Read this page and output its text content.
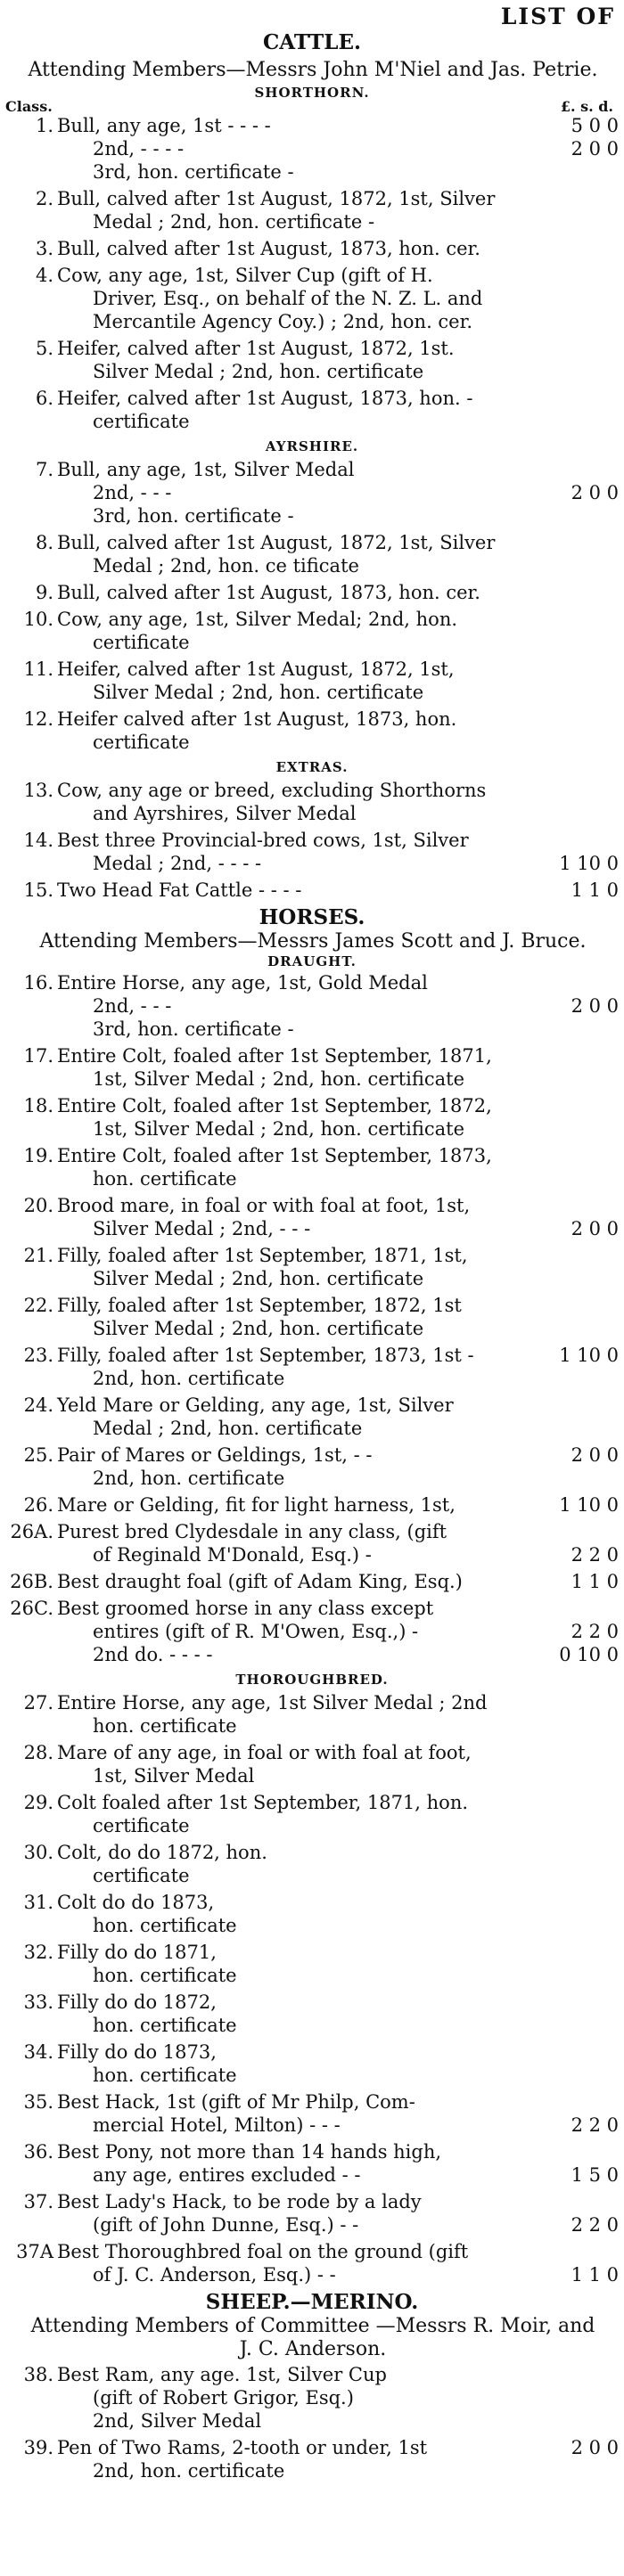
LIST OF
CATTLE.
Attending Members—Messrs John M'Niel and Jas. Petrie.
SHORTHORN.
Class.	£. s. d.
1. Bull, any age, 1st - - - -	5 0 0
2nd, - - - -	2 0 0
3rd, hon. certificate -
2. Bull, calved after 1st August, 1872, 1st, Silver
Medal ; 2nd, hon. certificate -
3. Bull, calved after 1st August, 1873, hon. cer.
4. Cow, any age, 1st, Silver Cup (gift of H.
Driver, Esq., on behalf of the N. Z. L. and
Mercantile Agency Coy.) ; 2nd, hon. cer.
5. Heifer, calved after 1st August, 1872, 1st.
Silver Medal ; 2nd, hon. certificate
6. Heifer, calved after 1st August, 1873, hon. -
certificate
AYRSHIRE.
7. Bull, any age, 1st, Silver Medal
2nd, - - -	2 0 0
3rd, hon. certificate -
8. Bull, calved after 1st August, 1872, 1st, Silver
Medal ; 2nd, hon. ce tificate
9. Bull, calved after 1st August, 1873, hon. cer.
10. Cow, any age, 1st, Silver Medal; 2nd, hon.
certificate
11. Heifer, calved after 1st August, 1872, 1st,
Silver Medal ; 2nd, hon. certificate
12. Heifer calved after 1st August, 1873, hon.
certificate
EXTRAS.
13. Cow, any age or breed, excluding Shorthorns
and Ayrshires, Silver Medal
14. Best three Provincial-bred cows, 1st, Silver
Medal ; 2nd, - - - -	1 10 0
15. Two Head Fat Cattle - - - -	1 1 0
HORSES.
Attending Members—Messrs James Scott and J. Bruce.
DRAUGHT.
16. Entire Horse, any age, 1st, Gold Medal
2nd, - - -	2 0 0
3rd, hon. certificate -
17. Entire Colt, foaled after 1st September, 1871,
1st, Silver Medal ; 2nd, hon. certificate
18. Entire Colt, foaled after 1st September, 1872,
1st, Silver Medal ; 2nd, hon. certificate
19. Entire Colt, foaled after 1st September, 1873,
hon. certificate
20. Brood mare, in foal or with foal at foot, 1st,
Silver Medal ; 2nd, - - -	2 0 0
21. Filly, foaled after 1st September, 1871, 1st,
Silver Medal ; 2nd, hon. certificate
22. Filly, foaled after 1st September, 1872, 1st
Silver Medal ; 2nd, hon. certificate
23. Filly, foaled after 1st September, 1873, 1st -	1 10 0
2nd, hon. certificate
24. Yeld Mare or Gelding, any age, 1st, Silver
Medal ; 2nd, hon. certificate
25. Pair of Mares or Geldings, 1st, - -	2 0 0
2nd, hon. certificate
26. Mare or Gelding, fit for light harness, 1st,	1 10 0
26A. Purest bred Clydesdale in any class, (gift
of Reginald M'Donald, Esq.) -	2 2 0
26B. Best draught foal (gift of Adam King, Esq.)	1 1 0
26C. Best groomed horse in any class except
entires (gift of R. M'Owen, Esq.,) -	2 2 0
2nd do. - - - -	0 10 0
THOROUGHBRED.
27. Entire Horse, any age, 1st Silver Medal ; 2nd
hon. certificate
28. Mare of any age, in foal or with foal at foot,
1st, Silver Medal
29. Colt foaled after 1st September, 1871, hon.
certificate
30. Colt, do do 1872, hon.
certificate
31. Colt do do 1873,
hon. certificate
32. Filly do do 1871,
hon. certificate
33. Filly do do 1872,
hon. certificate
34. Filly do do 1873,
hon. certificate
35. Best Hack, 1st (gift of Mr Philp, Com-
mercial Hotel, Milton) - - -	2 2 0
36. Best Pony, not more than 14 hands high,
any age, entires excluded - -	1 5 0
37. Best Lady's Hack, to be rode by a lady
(gift of John Dunne, Esq.) - -	2 2 0
37A Best Thoroughbred foal on the ground (gift
of J. C. Anderson, Esq.) - -	1 1 0
SHEEP.—MERINO.
Attending Members of Committee —Messrs R. Moir, and
J. C. Anderson.
38. Best Ram, any age. 1st, Silver Cup
(gift of Robert Grigor, Esq.)
2nd, Silver Medal
39. Pen of Two Rams, 2-tooth or under, 1st	2 0 0
2nd, hon. certificate
